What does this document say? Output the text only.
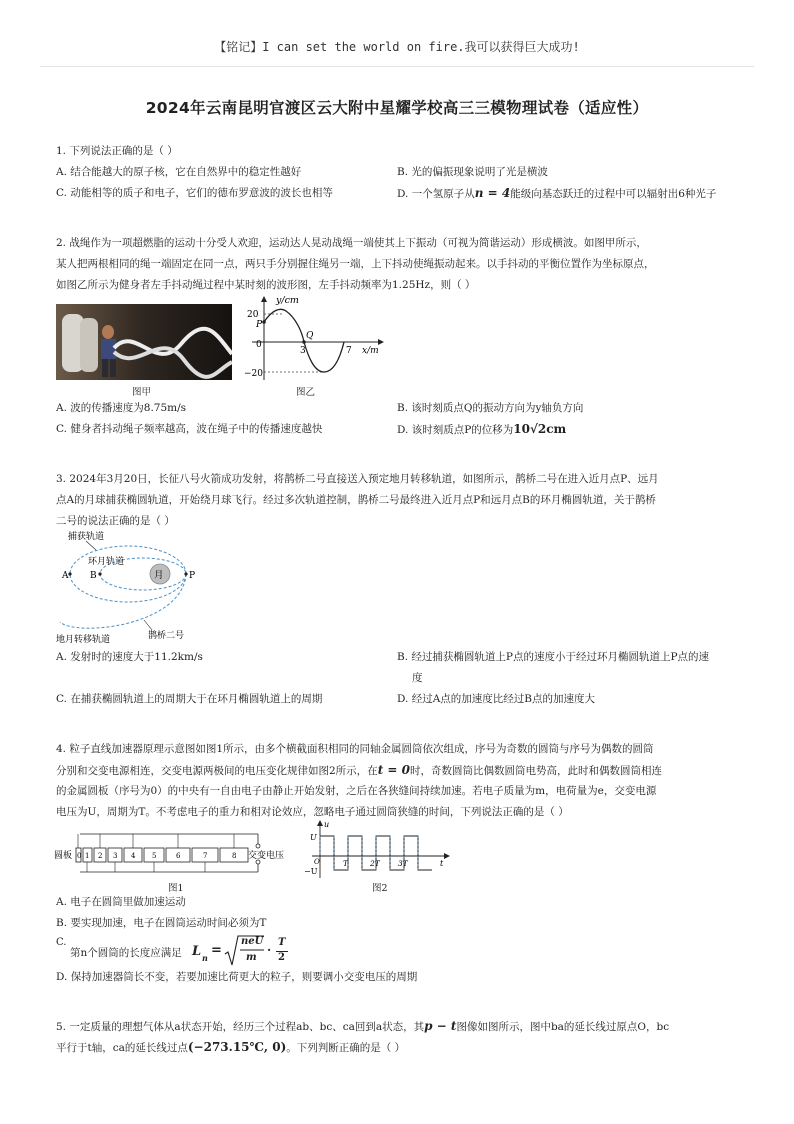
【铭记】I can set the world on fire.我可以获得巨大成功!
2024年云南昆明官渡区云大附中星耀学校高三三模物理试卷（适应性）
1. 下列说法正确的是（ ）
A. 结合能越大的原子核，它在自然界中的稳定性越好	B. 光的偏振现象说明了光是横波
C. 动能相等的质子和电子，它们的德布罗意波的波长也相等	D. 一个氢原子从n = 4能级向基态跃迁的过程中可以辐射出6种光子
2. 战绳作为一项超燃脂的运动十分受人欢迎，运动达人晃动战绳一端使其上下振动（可视为简谐运动）形成横波。如图甲所示，
某人把两根相同的绳一端固定在同一点，两只手分别握住绳另一端，上下抖动使绳振动起来。以手抖动的平衡位置作为坐标原点，
如图乙所示为健身者左手抖动绳过程中某时刻的波形图，左手抖动频率为1.25Hz，则（ ）
图甲
y/cm
20
P
0
−20
Q
3	7 x/m
图乙
A. 波的传播速度为8.75m/s	B. 该时刻质点Q的振动方向为y轴负方向
C. 健身者抖动绳子频率越高，波在绳子中的传播速度越快	D. 该时刻质点P的位移为10√2cm
3. 2024年3月20日，长征八号火箭成功发射，将鹊桥二号直接送入预定地月转移轨道，如图所示，鹊桥二号在进入近月点P、远月
点A的月球捕获椭圆轨道，开始绕月球飞行。经过多次轨道控制，鹊桥二号最终进入近月点P和远月点B的环月椭圆轨道，关于鹊桥
二号的说法正确的是（ ）
月
A B	P
捕获轨道
环月轨道
地月转移轨道	鹊桥二号
A. 发射时的速度大于11.2km/s	B. 经过捕获椭圆轨道上P点的速度小于经过环月椭圆轨道上P点的速
度
C. 在捕获椭圆轨道上的周期大于在环月椭圆轨道上的周期	D. 经过A点的加速度比经过B点的加速度大
4. 粒子直线加速器原理示意图如图1所示，由多个横截面积相同的同轴金属圆筒依次组成，序号为奇数的圆筒与序号为偶数的圆筒
分别和交变电源相连，交变电源两极间的电压变化规律如图2所示，在t = 0时，奇数圆筒比偶数圆筒电势高，此时和偶数圆筒相连
的金属圆板（序号为0）的中央有一自由电子由静止开始发射，之后在各狭缝间持续加速。若电子质量为m，电荷量为e，交变电源
电压为U，周期为T。不考虑电子的重力和相对论效应，忽略电子通过圆筒狭缝的时间，下列说法正确的是（ ）
圆板	交变电压
0 1 2 3 4 5	6	7	8
图1
u
t
U
−U
O	T	2T 3T
图2
A. 电子在圆筒里做加速运动
B. 要实现加速，电子在圆筒运动时间必须为T
C.
第n个圆筒的长度应满足 L n =
neU
m
·
T
2
D. 保持加速器筒长不变，若要加速比荷更大的粒子，则要调小交变电压的周期
5. 一定质量的理想气体从a状态开始，经历三个过程ab、bc、ca回到a状态，其p − t图像如图所示，图中ba的延长线过原点O，bc
平行于t轴，ca的延长线过点(−273.15℃, 0)。下列判断正确的是（ ）
